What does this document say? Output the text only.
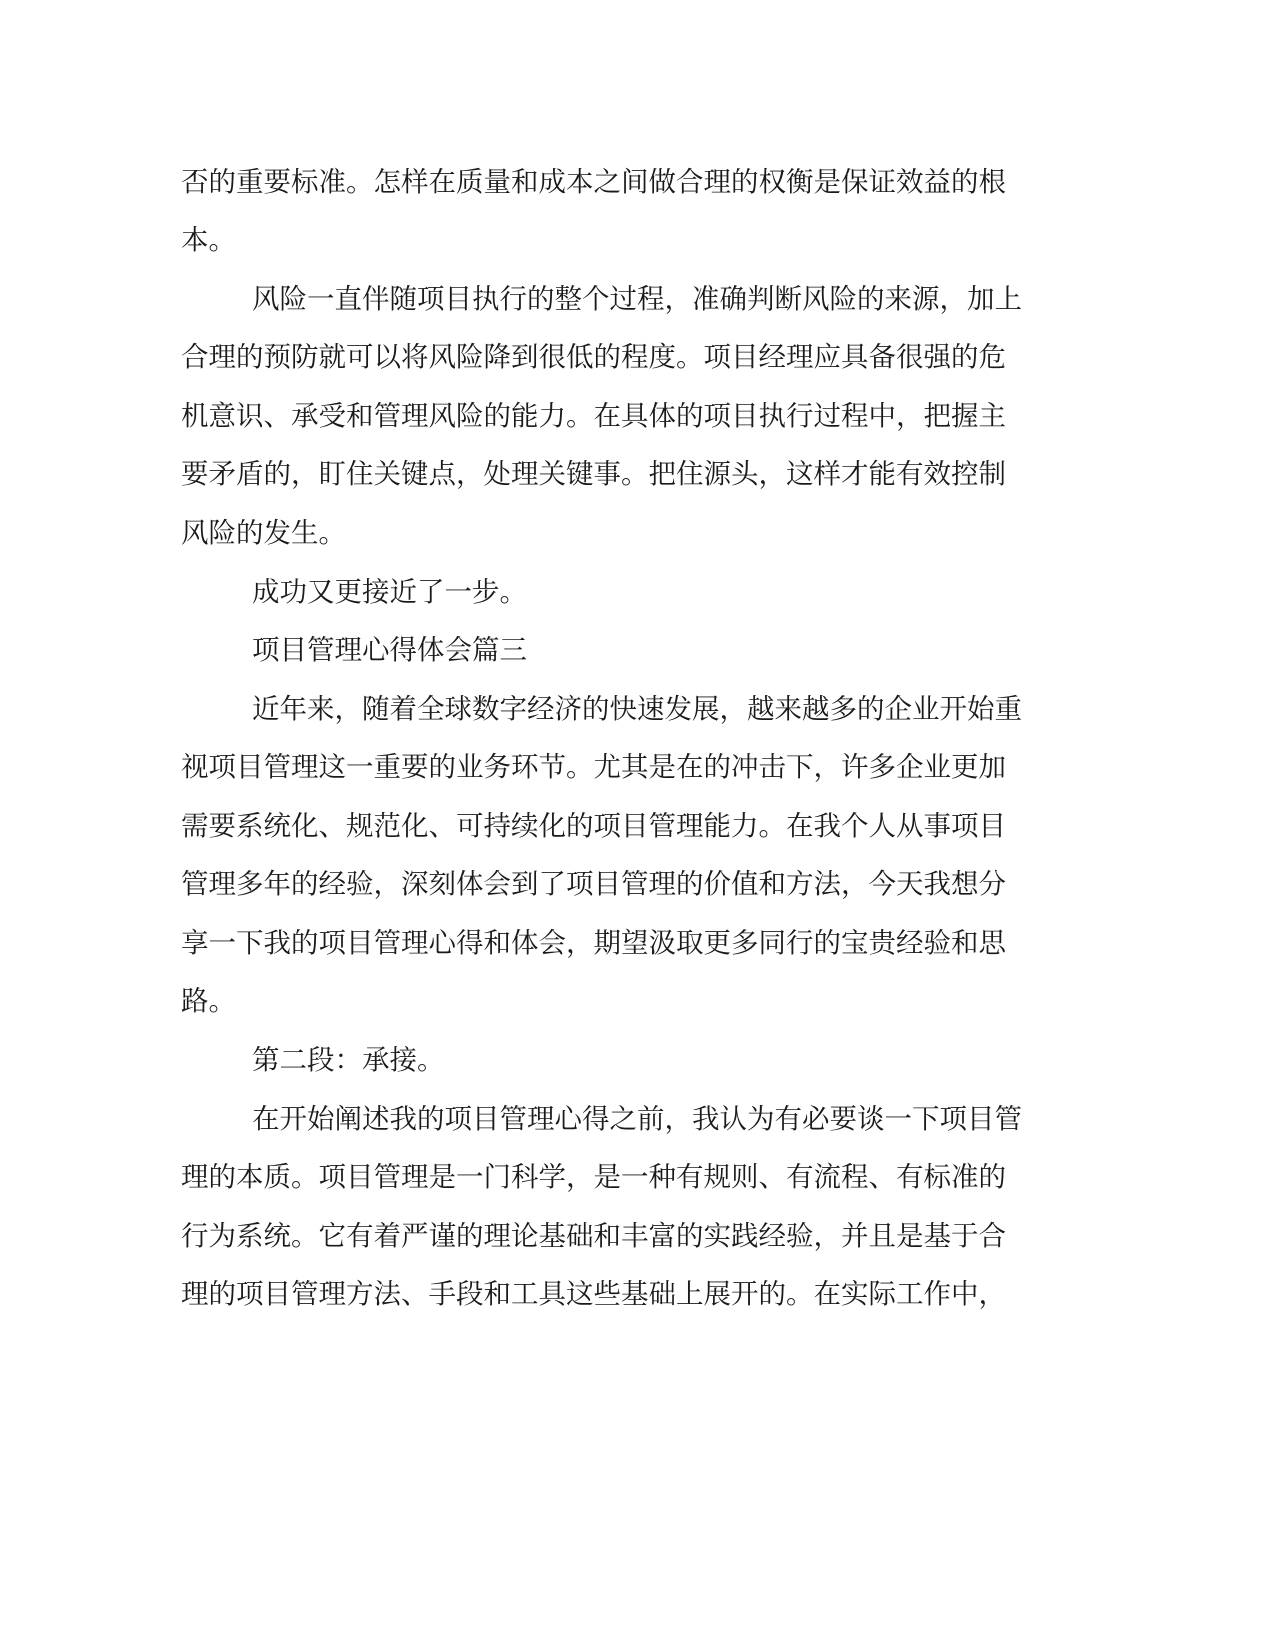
否的重要标准。怎样在质量和成本之间做合理的权衡是保证效益的根
本。
风险一直伴随项目执行的整个过程，准确判断风险的来源，加上
合理的预防就可以将风险降到很低的程度。项目经理应具备很强的危
机意识、承受和管理风险的能力。在具体的项目执行过程中，把握主
要矛盾的，盯住关键点，处理关键事。把住源头，这样才能有效控制
风险的发生。
成功又更接近了一步。
项目管理心得体会篇三
近年来，随着全球数字经济的快速发展，越来越多的企业开始重
视项目管理这一重要的业务环节。尤其是在的冲击下，许多企业更加
需要系统化、规范化、可持续化的项目管理能力。在我个人从事项目
管理多年的经验，深刻体会到了项目管理的价值和方法，今天我想分
享一下我的项目管理心得和体会，期望汲取更多同行的宝贵经验和思
路。
第二段：承接。
在开始阐述我的项目管理心得之前，我认为有必要谈一下项目管
理的本质。项目管理是一门科学，是一种有规则、有流程、有标准的
行为系统。它有着严谨的理论基础和丰富的实践经验，并且是基于合
理的项目管理方法、手段和工具这些基础上展开的。在实际工作中，
